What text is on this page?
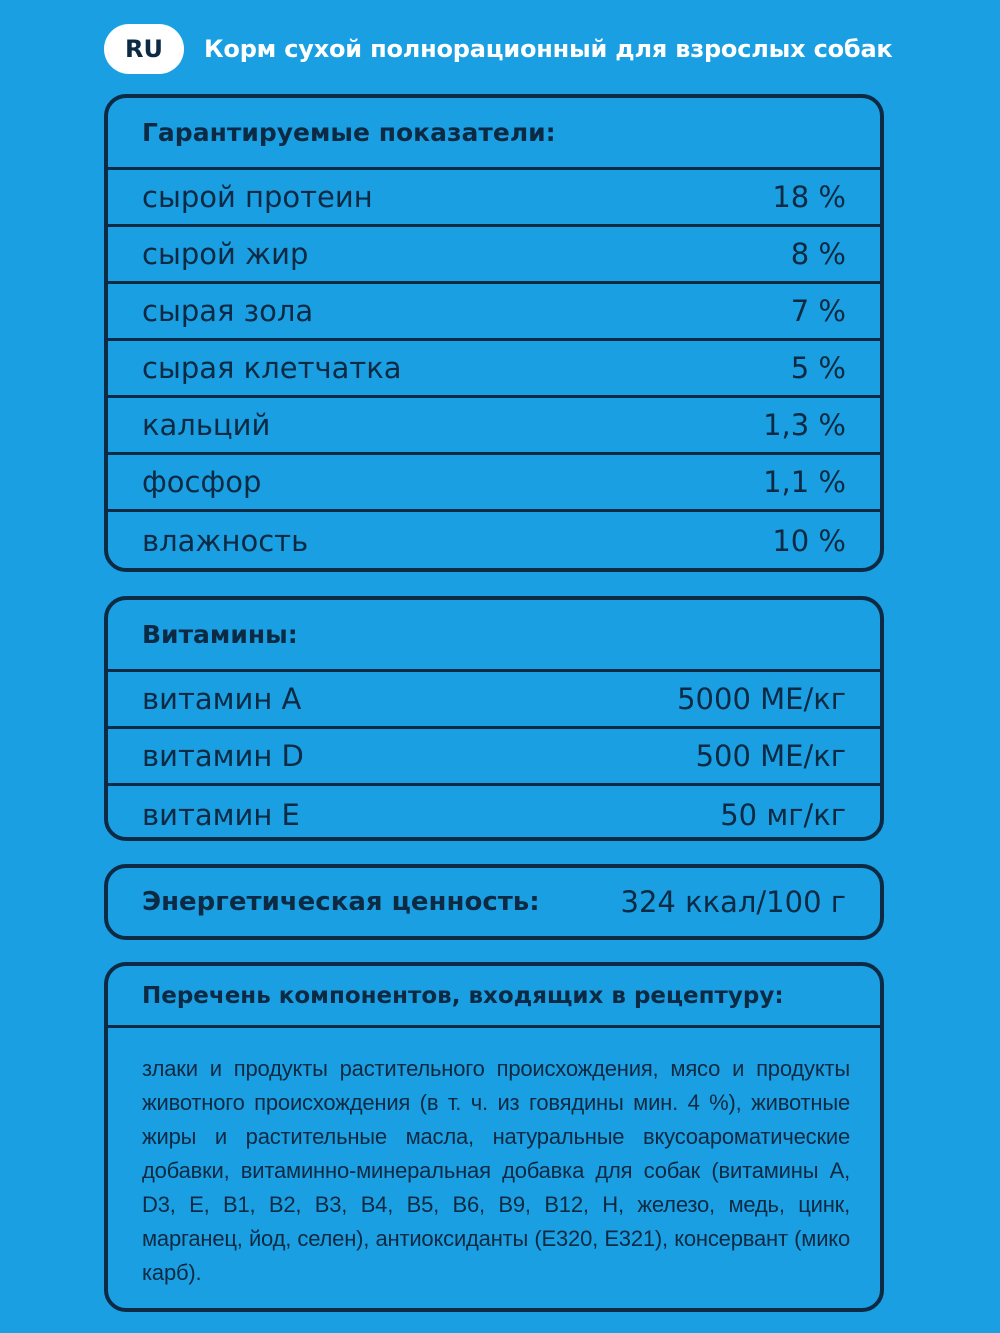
RU	Корм сухой полнорационный для взрослых собак
Гарантируемые показатели:
сырой протеин	18 %
сырой жир	8 %
сырая зола	7 %
сырая клетчатка	5 %
кальций	1,3 %
фосфор	1,1 %
влажность	10 %
Витамины:
витамин A	5000 МЕ/кг
витамин D	500 МЕ/кг
витамин E	50 мг/кг
Энергетическая ценность:	324 ккал/100 г
Перечень компонентов, входящих в рецептуру:
злаки и продукты растительного происхождения, мясо и продукты животного происхождения (в т. ч. из говядины мин. 4 %), животные жиры и растительные масла, натуральные вкусоароматические добавки, витаминно-минеральная добавка для собак (витамины A, D3, E, B1, B2, B3, B4, B5, B6, B9, B12, H, железо, медь, цинк, марганец, йод, селен), антиоксиданты (E320, E321), консервант (мико карб).
